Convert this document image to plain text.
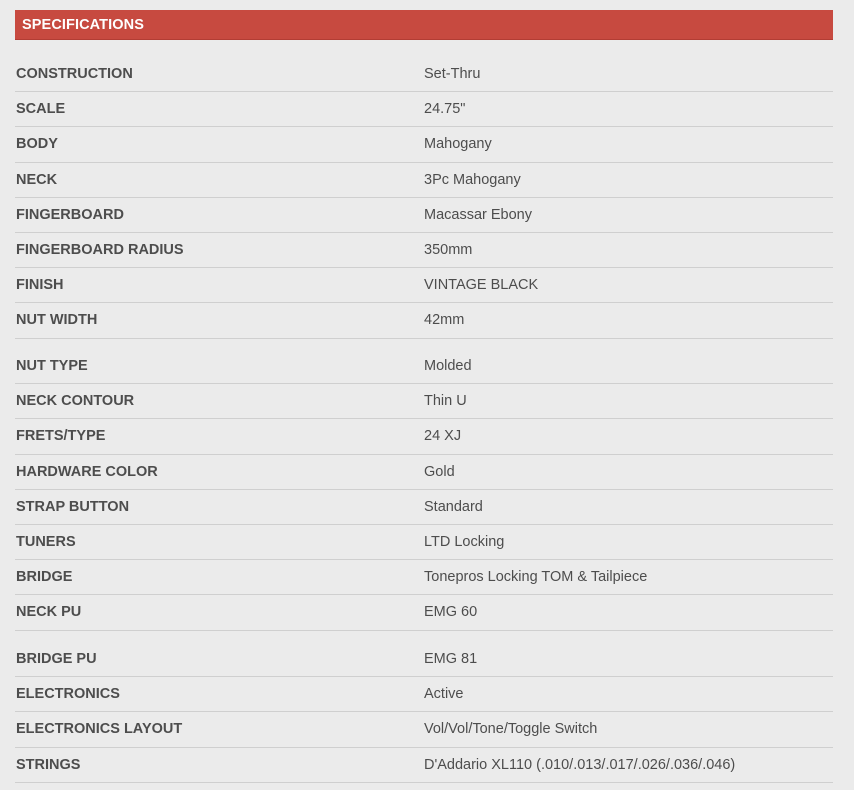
SPECIFICATIONS
CONSTRUCTION	Set-Thru
SCALE	24.75"
BODY	Mahogany
NECK	3Pc Mahogany
FINGERBOARD	Macassar Ebony
FINGERBOARD RADIUS	350mm
FINISH	VINTAGE BLACK
NUT WIDTH	42mm
NUT TYPE	Molded
NECK CONTOUR	Thin U
FRETS/TYPE	24 XJ
HARDWARE COLOR	Gold
STRAP BUTTON	Standard
TUNERS	LTD Locking
BRIDGE	Tonepros Locking TOM & Tailpiece
NECK PU	EMG 60
BRIDGE PU	EMG 81
ELECTRONICS	Active
ELECTRONICS LAYOUT	Vol/Vol/Tone/Toggle Switch
STRINGS	D'Addario XL110 (.010/.013/.017/.026/.036/.046)
